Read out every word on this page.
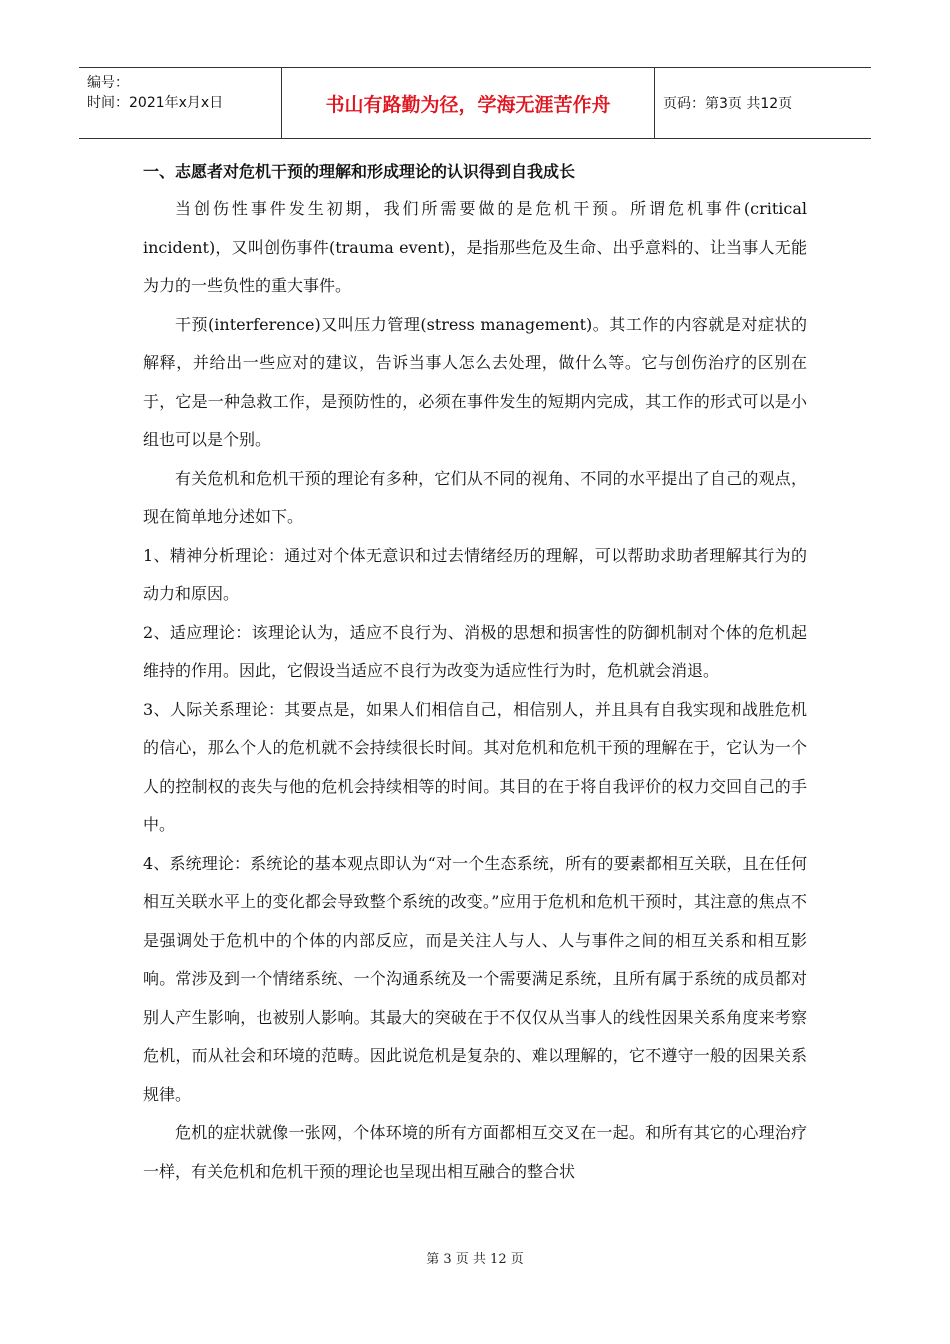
编号：
时间：2021年x月x日	书山有路勤为径，学海无涯苦作舟	页码：第3页 共12页

一、志愿者对危机干预的理解和形成理论的认识得到自我成长

当创伤性事件发生初期，我们所需要做的是危机干预。所谓危机事件(critical incident)，又叫创伤事件(trauma event)，是指那些危及生命、出乎意料的、让当事人无能为力的一些负性的重大事件。

干预(interference)又叫压力管理(stress management)。其工作的内容就是对症状的解释，并给出一些应对的建议，告诉当事人怎么去处理，做什么等。它与创伤治疗的区别在于，它是一种急救工作，是预防性的，必须在事件发生的短期内完成，其工作的形式可以是小组也可以是个别。

有关危机和危机干预的理论有多种，它们从不同的视角、不同的水平提出了自己的观点，现在简单地分述如下。

1、精神分析理论：通过对个体无意识和过去情绪经历的理解，可以帮助求助者理解其行为的动力和原因。

2、适应理论：该理论认为，适应不良行为、消极的思想和损害性的防御机制对个体的危机起维持的作用。因此，它假设当适应不良行为改变为适应性行为时，危机就会消退。

3、人际关系理论：其要点是，如果人们相信自己，相信别人，并且具有自我实现和战胜危机的信心，那么个人的危机就不会持续很长时间。其对危机和危机干预的理解在于，它认为一个人的控制权的丧失与他的危机会持续相等的时间。其目的在于将自我评价的权力交回自己的手中。

4、系统理论：系统论的基本观点即认为“对一个生态系统，所有的要素都相互关联，且在任何相互关联水平上的变化都会导致整个系统的改变。”应用于危机和危机干预时，其注意的焦点不是强调处于危机中的个体的内部反应，而是关注人与人、人与事件之间的相互关系和相互影响。常涉及到一个情绪系统、一个沟通系统及一个需要满足系统，且所有属于系统的成员都对别人产生影响，也被别人影响。其最大的突破在于不仅仅从当事人的线性因果关系角度来考察危机，而从社会和环境的范畴。因此说危机是复杂的、难以理解的，它不遵守一般的因果关系规律。

危机的症状就像一张网，个体环境的所有方面都相互交叉在一起。和所有其它的心理治疗一样，有关危机和危机干预的理论也呈现出相互融合的整合状

第 3 页 共 12 页
